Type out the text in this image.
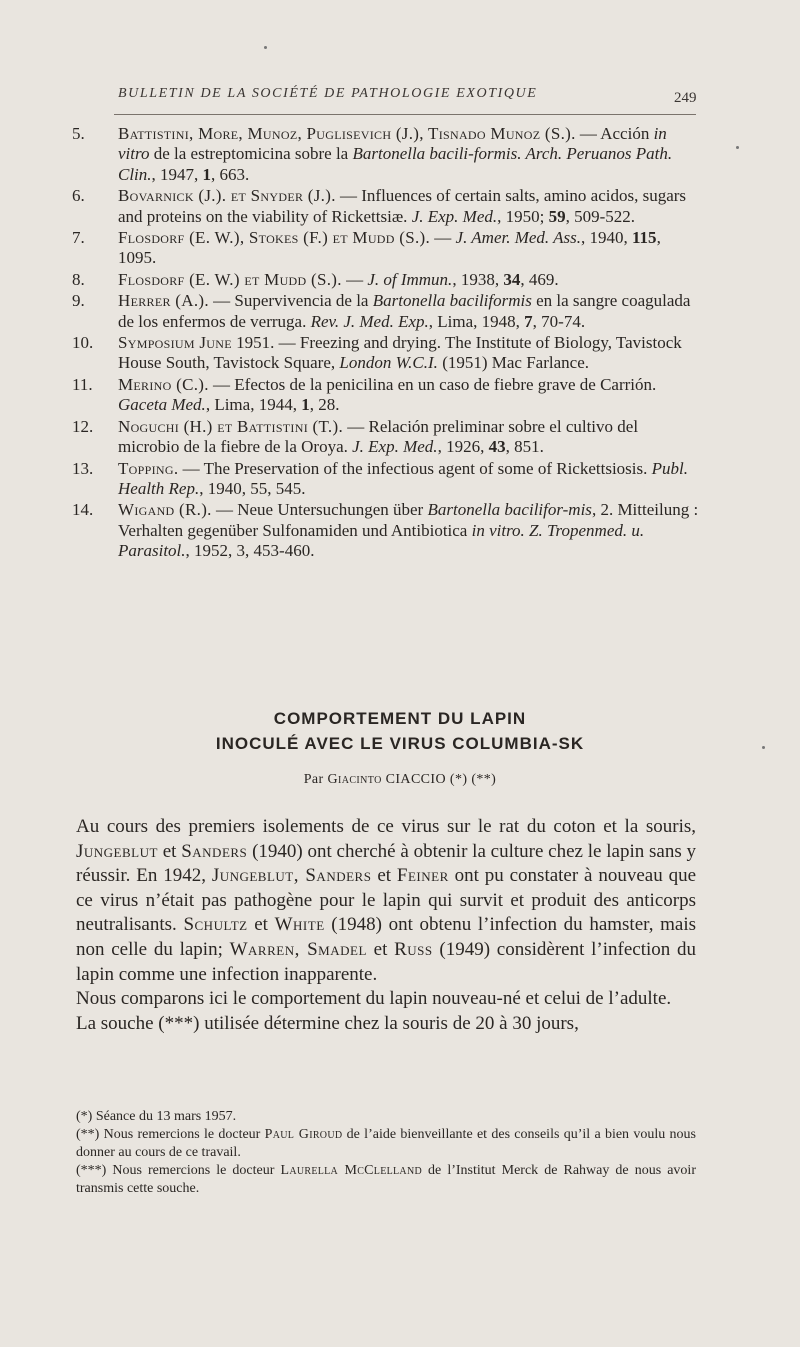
BULLETIN DE LA SOCIÉTÉ DE PATHOLOGIE EXOTIQUE	249
5.	Battistini, More, Munoz, Puglisevich (J.), Tisnado Munoz (S.). — Acción in vitro de la estreptomicina sobre la Bartonella bacili-formis. Arch. Peruanos Path. Clin., 1947, 1, 663.
6.	Bovarnick (J.). et Snyder (J.). — Influences of certain salts, amino acidos, sugars and proteins on the viability of Rickettsiæ. J. Exp. Med., 1950; 59, 509-522.
7.	Flosdorf (E. W.), Stokes (F.) et Mudd (S.). — J. Amer. Med. Ass., 1940, 115, 1095.
8.	Flosdorf (E. W.) et Mudd (S.). — J. of Immun., 1938, 34, 469.
9.	Herrer (A.). — Supervivencia de la Bartonella baciliformis en la sangre coagulada de los enfermos de verruga. Rev. J. Med. Exp., Lima, 1948, 7, 70-74.
10.	Symposium June 1951. — Freezing and drying. The Institute of Biology, Tavistock House South, Tavistock Square, London W.C.I. (1951) Mac Farlance.
11.	Merino (C.). — Efectos de la penicilina en un caso de fiebre grave de Carrión. Gaceta Med., Lima, 1944, 1, 28.
12.	Noguchi (H.) et Battistini (T.). — Relación preliminar sobre el cultivo del microbio de la fiebre de la Oroya. J. Exp. Med., 1926, 43, 851.
13.	Topping. — The Preservation of the infectious agent of some of Rickettsiosis. Publ. Health Rep., 1940, 55, 545.
14.	Wigand (R.). — Neue Untersuchungen über Bartonella bacilifor-mis, 2. Mitteilung : Verhalten gegenüber Sulfonamiden und Antibiotica in vitro. Z. Tropenmed. u. Parasitol., 1952, 3, 453-460.
COMPORTEMENT DU LAPIN
INOCULÉ AVEC LE VIRUS COLUMBIA-SK
Par Giacinto CIACCIO (*) (**)

Au cours des premiers isolements de ce virus sur le rat du coton et la souris, Jungeblut et Sanders (1940) ont cherché à obtenir la culture chez le lapin sans y réussir. En 1942, Jungeblut, Sanders et Feiner ont pu constater à nouveau que ce virus n’était pas pathogène pour le lapin qui survit et produit des anticorps neutralisants. Schultz et White (1948) ont obtenu l’infection du hamster, mais non celle du lapin; Warren, Smadel et Russ (1949) considèrent l’infection du lapin comme une infection inapparente.

Nous comparons ici le comportement du lapin nouveau-né et celui de l’adulte.

La souche (***) utilisée détermine chez la souris de 20 à 30 jours,

(*) Séance du 13 mars 1957.

(**) Nous remercions le docteur Paul Giroud de l’aide bienveillante et des conseils qu’il a bien voulu nous donner au cours de ce travail.

(***) Nous remercions le docteur Laurella McClelland de l’Institut Merck de Rahway de nous avoir transmis cette souche.
